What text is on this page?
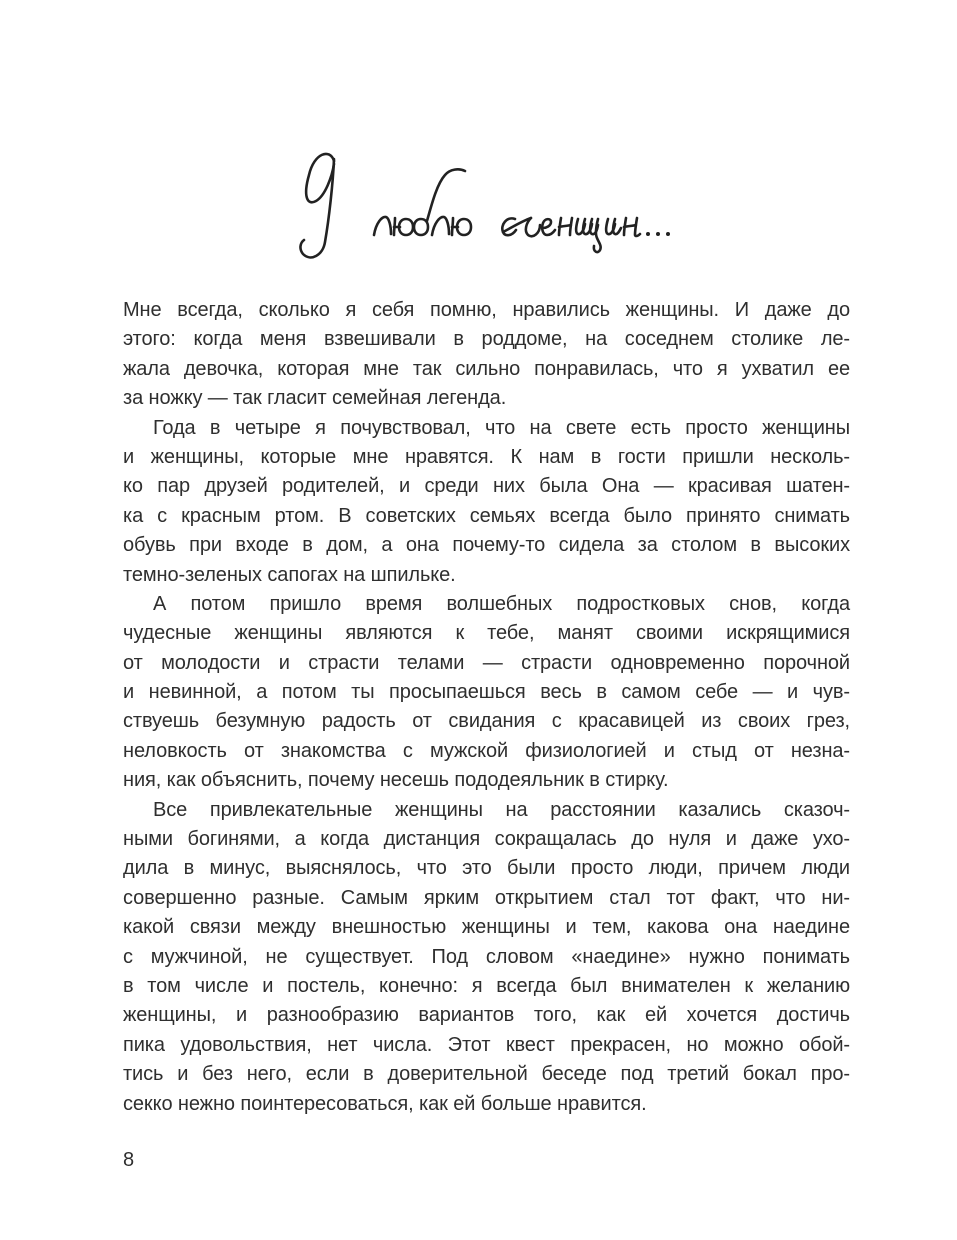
Мне всегда, сколько я себя помню, нравились женщины. И даже до
этого: когда меня взвешивали в роддоме, на соседнем столике ле-
жала девочка, которая мне так сильно понравилась, что я ухватил ее
за ножку — так гласит семейная легенда.
Года в четыре я почувствовал, что на свете есть просто женщины
и женщины, которые мне нравятся. К нам в гости пришли несколь-
ко пар друзей родителей, и среди них была Она — красивая шатен-
ка с красным ртом. В советских семьях всегда было принято снимать
обувь при входе в дом, а она почему-то сидела за столом в высоких
темно-зеленых сапогах на шпильке.
А потом пришло время волшебных подростковых снов, когда
чудесные женщины являются к тебе, манят своими искрящимися
от молодости и страсти телами — страсти одновременно порочной
и невинной, а потом ты просыпаешься весь в самом себе — и чув-
ствуешь безумную радость от свидания с красавицей из своих грез,
неловкость от знакомства с мужской физиологией и стыд от незна-
ния, как объяснить, почему несешь пододеяльник в стирку.
Все привлекательные женщины на расстоянии казались сказоч-
ными богинями, а когда дистанция сокращалась до нуля и даже ухо-
дила в минус, выяснялось, что это были просто люди, причем люди
совершенно разные. Самым ярким открытием стал тот факт, что ни-
какой связи между внешностью женщины и тем, какова она наедине
с мужчиной, не существует. Под словом «наедине» нужно понимать
в том числе и постель, конечно: я всегда был внимателен к желанию
женщины, и разнообразию вариантов того, как ей хочется достичь
пика удовольствия, нет числа. Этот квест прекрасен, но можно обой-
тись и без него, если в доверительной беседе под третий бокал про-
секко нежно поинтересоваться, как ей больше нравится.
8
